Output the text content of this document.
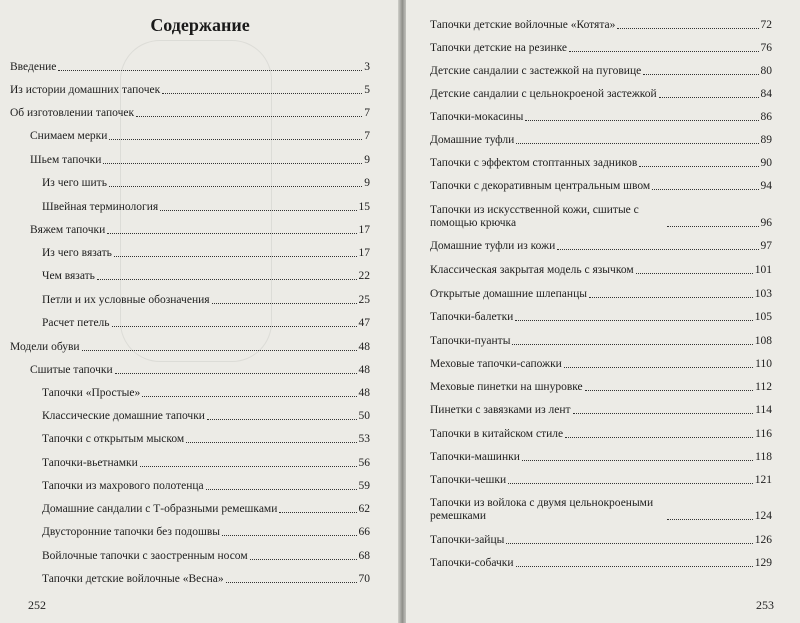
Содержание
Введение	3
Из истории домашних тапочек	5
Об изготовлении тапочек	7
Снимаем мерки	7
Шьем тапочки	9
Из чего шить	9
Швейная терминология	15
Вяжем тапочки	17
Из чего вязать	17
Чем вязать	22
Петли и их условные обозначения	25
Расчет петель	47
Модели обуви	48
Сшитые тапочки	48
Тапочки «Простые»	48
Классические домашние тапочки	50
Тапочки с открытым мыском	53
Тапочки-вьетнамки	56
Тапочки из махрового полотенца	59
Домашние сандалии с Т-образными ремешками	62
Двусторонние тапочки без подошвы	66
Войлочные тапочки с заостренным носом	68
Тапочки детские войлочные «Весна»	70
252
Тапочки детские войлочные «Котята»	72
Тапочки детские на резинке	76
Детские сандалии с застежкой на пуговице	80
Детские сандалии с цельнокроеной застежкой	84
Тапочки-мокасины	86
Домашние туфли	89
Тапочки с эффектом стоптанных задников	90
Тапочки с декоративным центральным швом	94
Тапочки из искусственной кожи, сшитые с помощью крючка	96
Домашние туфли из кожи	97
Классическая закрытая модель с язычком	101
Открытые домашние шлепанцы	103
Тапочки-балетки	105
Тапочки-пуанты	108
Меховые тапочки-сапожки	110
Меховые пинетки на шнуровке	112
Пинетки с завязками из лент	114
Тапочки в китайском стиле	116
Тапочки-машинки	118
Тапочки-чешки	121
Тапочки из войлока с двумя цельнокроеными ремешками	124
Тапочки-зайцы	126
Тапочки-собачки	129
253
